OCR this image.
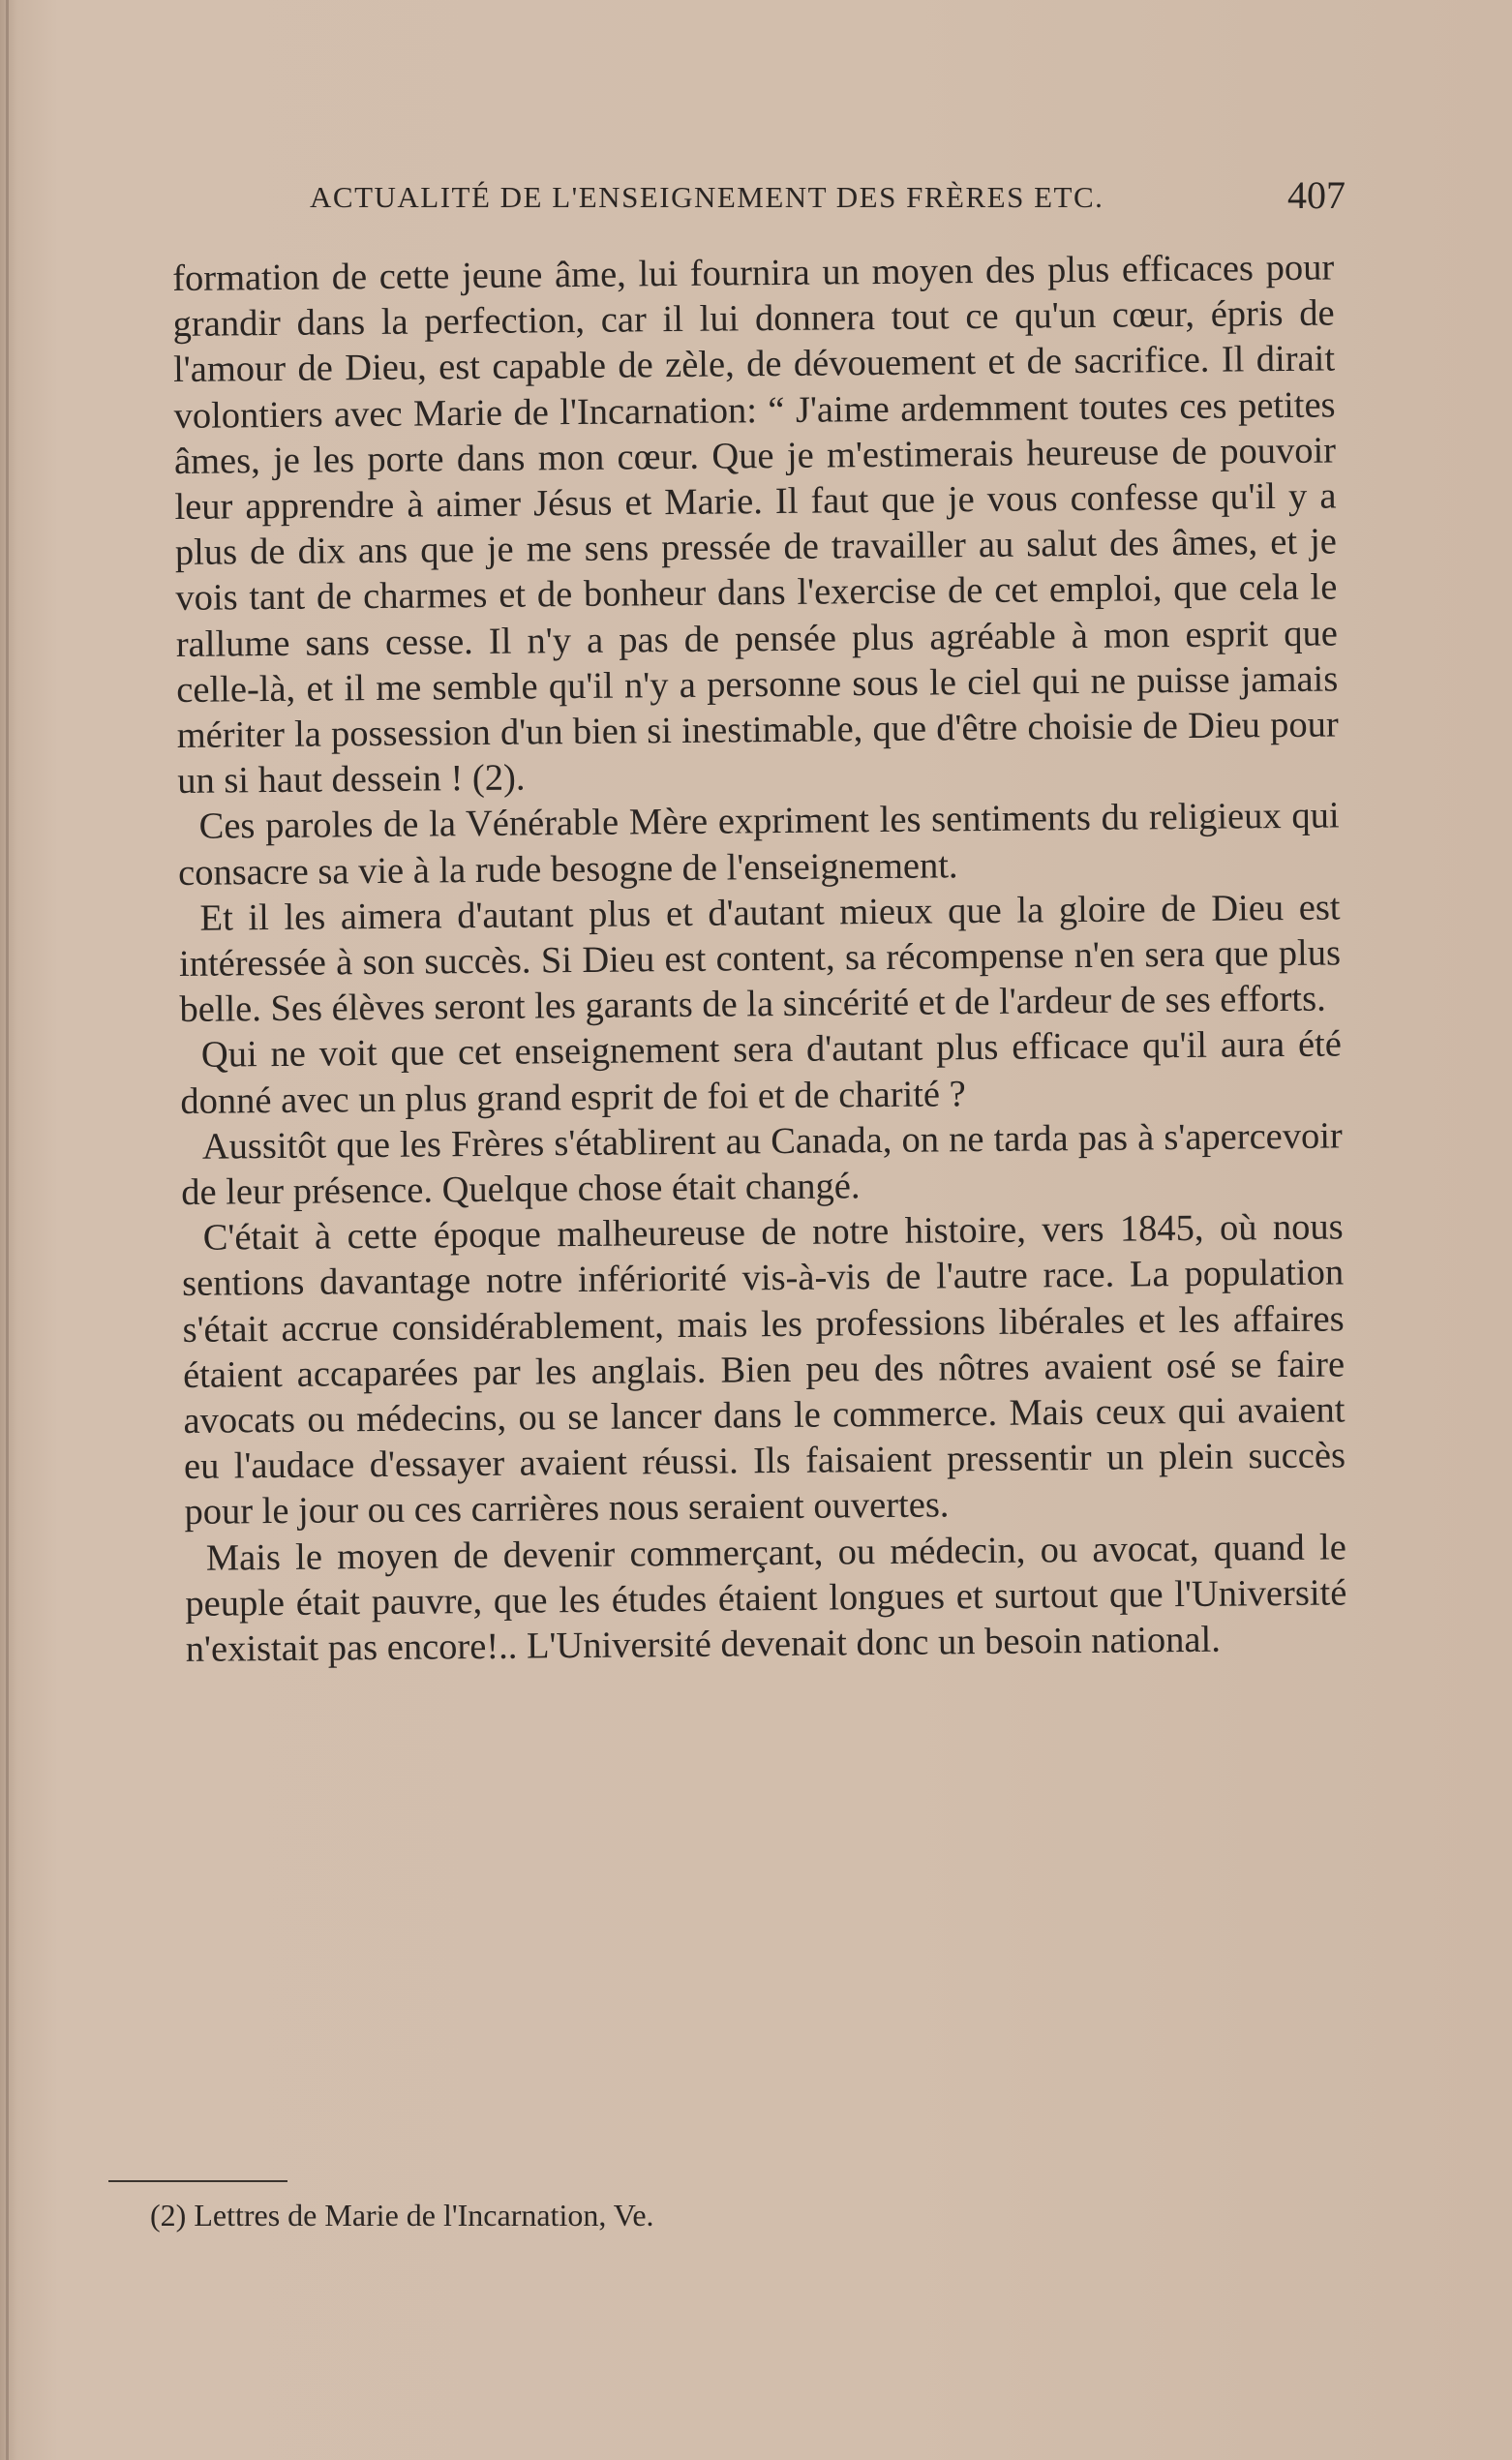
ACTUALITÉ DE L'ENSEIGNEMENT DES FRÈRES ETC.	407

formation de cette jeune âme, lui fournira un moyen des plus efficaces pour grandir dans la perfection, car il lui donnera tout ce qu'un cœur, épris de l'amour de Dieu, est capable de zèle, de dévouement et de sacrifice. Il dirait volontiers avec Marie de l'Incarnation: “ J'aime ardemment toutes ces petites âmes, je les porte dans mon cœur. Que je m'estimerais heureuse de pouvoir leur apprendre à aimer Jésus et Marie. Il faut que je vous confesse qu'il y a plus de dix ans que je me sens pressée de travailler au salut des âmes, et je vois tant de charmes et de bonheur dans l'exercise de cet emploi, que cela le rallume sans cesse. Il n'y a pas de pensée plus agréable à mon esprit que celle-là, et il me semble qu'il n'y a personne sous le ciel qui ne puisse jamais mériter la possession d'un bien si inestimable, que d'être choisie de Dieu pour un si haut dessein ! (2).

Ces paroles de la Vénérable Mère expriment les sentiments du religieux qui consacre sa vie à la rude besogne de l'enseignement.

Et il les aimera d'autant plus et d'autant mieux que la gloire de Dieu est intéressée à son succès. Si Dieu est content, sa récompense n'en sera que plus belle. Ses élèves seront les garants de la sincérité et de l'ardeur de ses efforts.

Qui ne voit que cet enseignement sera d'autant plus efficace qu'il aura été donné avec un plus grand esprit de foi et de charité ?

Aussitôt que les Frères s'établirent au Canada, on ne tarda pas à s'apercevoir de leur présence. Quelque chose était changé.

C'était à cette époque malheureuse de notre histoire, vers 1845, où nous sentions davantage notre infériorité vis-à-vis de l'autre race. La population s'était accrue considérablement, mais les professions libérales et les affaires étaient accaparées par les anglais. Bien peu des nôtres avaient osé se faire avocats ou médecins, ou se lancer dans le commerce. Mais ceux qui avaient eu l'audace d'essayer avaient réussi. Ils faisaient pressentir un plein succès pour le jour ou ces carrières nous seraient ouvertes.

Mais le moyen de devenir commerçant, ou médecin, ou avocat, quand le peuple était pauvre, que les études étaient longues et surtout que l'Université n'existait pas encore!.. L'Université devenait donc un besoin national.

(2) Lettres de Marie de l'Incarnation, Ve.
